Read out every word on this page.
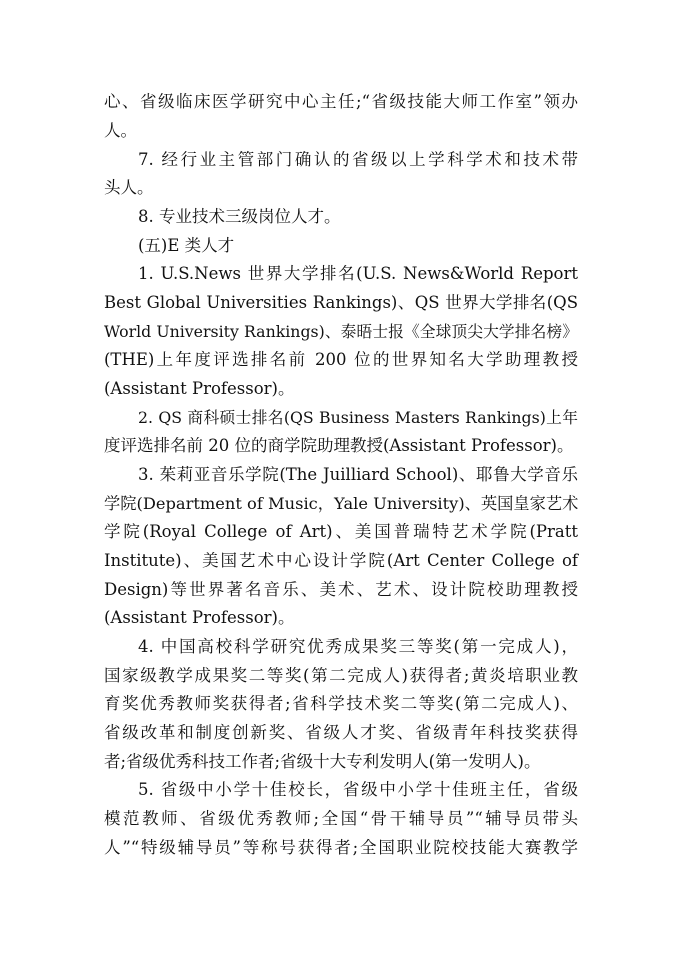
心、省级临床医学研究中心主任;“省级技能大师工作室”领办
人。
7. 经行业主管部门确认的省级以上学科学术和技术带
头人。
8. 专业技术三级岗位人才。
(五)E 类人才
1. U.S.News 世界大学排名(U.S. News&World Report
Best Global Universities Rankings)、QS 世界大学排名(QS
World University Rankings)、泰晤士报《全球顶尖大学排名榜》
(THE)上年度评选排名前 200 位的世界知名大学助理教授
(Assistant Professor)。
2. QS 商科硕士排名(QS Business Masters Rankings)上年
度评选排名前 20 位的商学院助理教授(Assistant Professor)。
3. 茱莉亚音乐学院(The Juilliard School)、耶鲁大学音乐
学院(Department of Music，Yale University)、英国皇家艺术
学院(Royal College of Art)、美国普瑞特艺术学院(Pratt
Institute)、美国艺术中心设计学院(Art Center College of
Design)等世界著名音乐、美术、艺术、设计院校助理教授
(Assistant Professor)。
4. 中国高校科学研究优秀成果奖三等奖(第一完成人)，
国家级教学成果奖二等奖(第二完成人)获得者;黄炎培职业教
育奖优秀教师奖获得者;省科学技术奖二等奖(第二完成人)、
省级改革和制度创新奖、省级人才奖、省级青年科技奖获得
者;省级优秀科技工作者;省级十大专利发明人(第一发明人)。
5. 省级中小学十佳校长，省级中小学十佳班主任，省级
模范教师、省级优秀教师;全国“骨干辅导员”“辅导员带头
人”“特级辅导员”等称号获得者;全国职业院校技能大赛教学
